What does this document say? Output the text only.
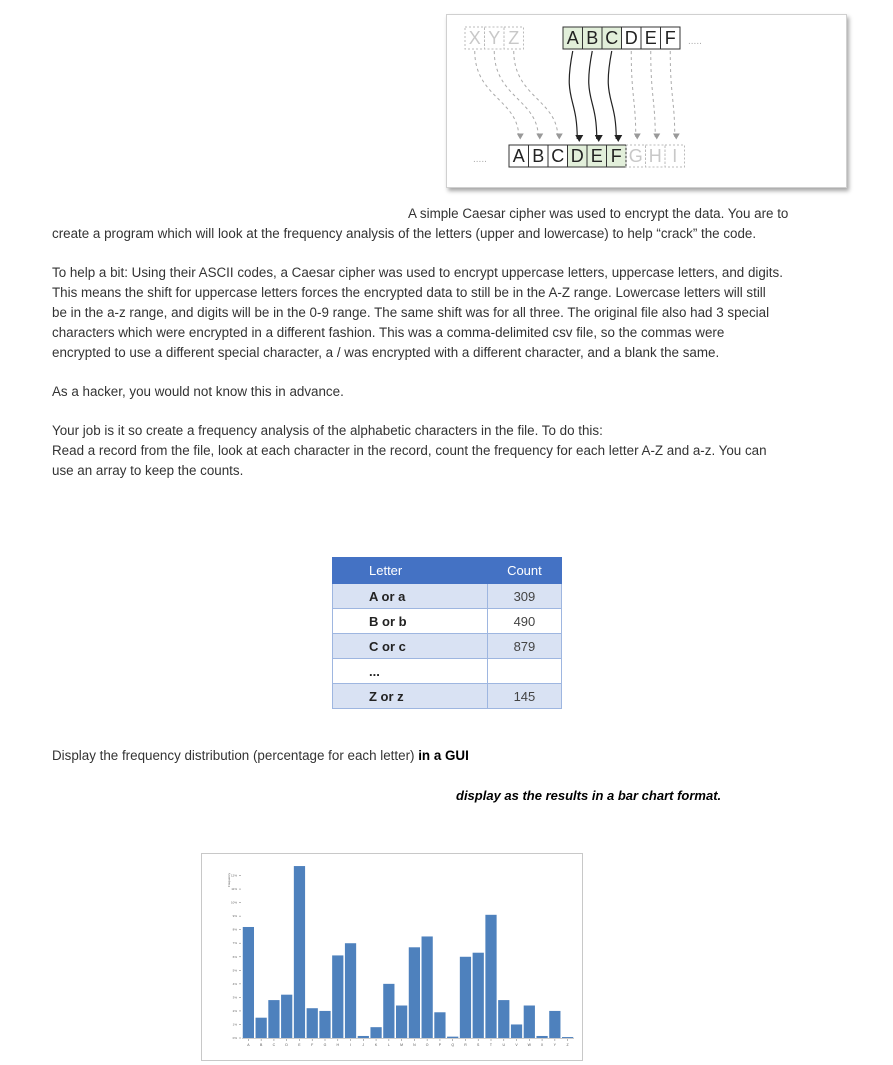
X Y Z	A B C D E F .....
..... A B C D E F G H I

A simple Caesar cipher was used to encrypt the data. You are to
create a program which will look at the frequency analysis of the letters (upper and lowercase) to help “crack” the code.

To help a bit: Using their ASCII codes, a Caesar cipher was used to encrypt uppercase letters, uppercase letters, and digits.
This means the shift for uppercase letters forces the encrypted data to still be in the A-Z range. Lowercase letters will still
be in the a-z range, and digits will be in the 0-9 range. The same shift was for all three. The original file also had 3 special
characters which were encrypted in a different fashion. This was a comma-delimited csv file, so the commas were
encrypted to use a different special character, a / was encrypted with a different character, and a blank the same.

As a hacker, you would not know this in advance.

Your job is it so create a frequency analysis of the alphabetic characters in the file. To do this:
Read a record from the file, look at each character in the record, count the frequency for each letter A-Z and a-z. You can
use an array to keep the counts.

Letter	Count
A or a	309
B or b	490
C or c	879
...	
Z or z	145
Display the frequency distribution (percentage for each letter) in a GUI
display as the results in a bar chart format.
Frequency
0%
1%
2%
3%
4%
5%
6%
7%
8%
9%
10%
11%
12%
A	B	C	D	E	F	G	H	I	J	K	L	M	N	O	P	Q	R	S	T	U	V	W	X	Y	Z
